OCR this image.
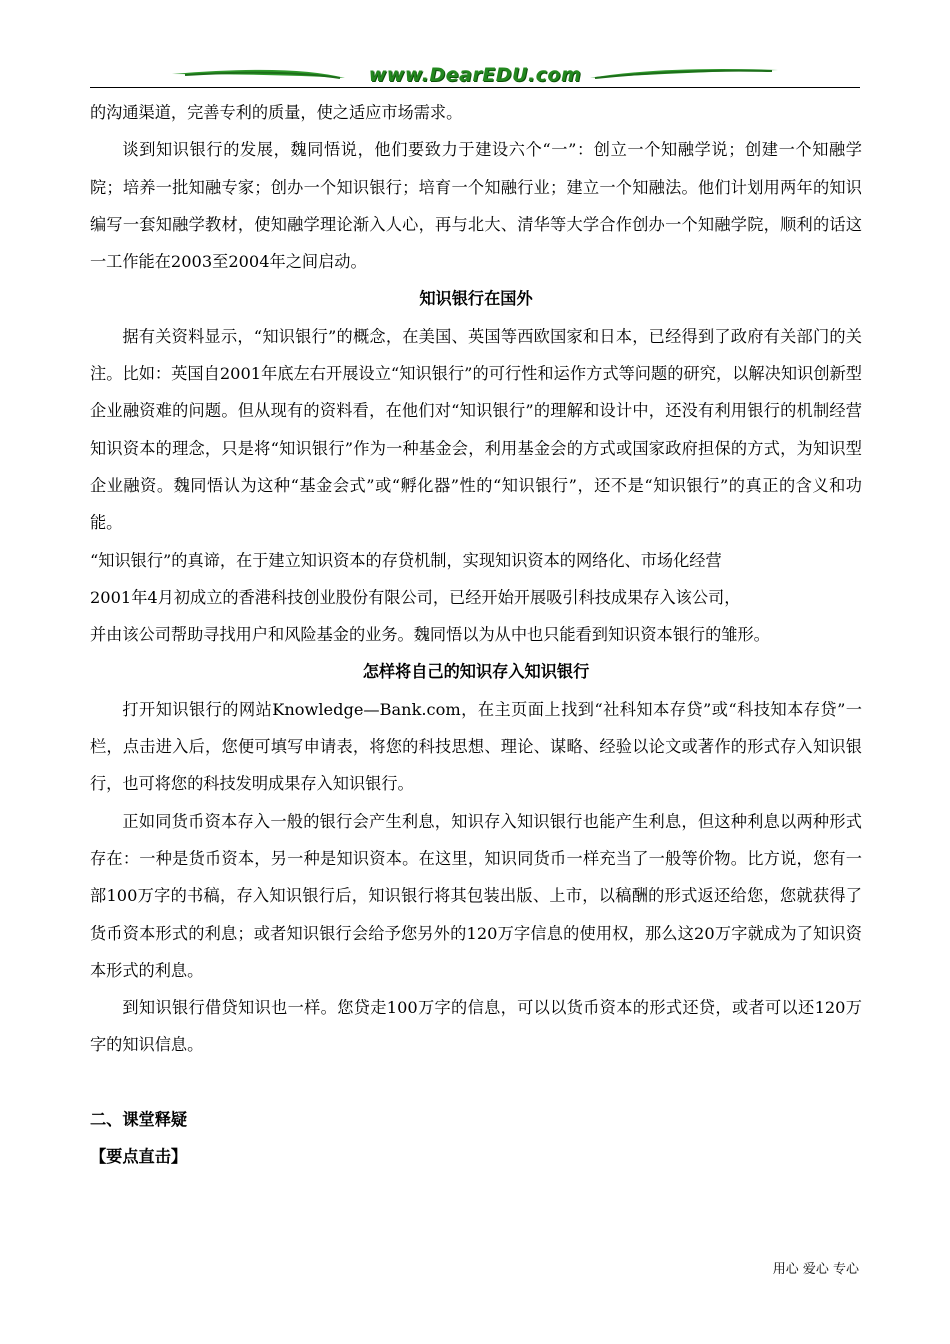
www.DearEDU.com

的沟通渠道，完善专利的质量，使之适应市场需求。

谈到知识银行的发展，魏同悟说，他们要致力于建设六个“一”：创立一个知融学说；创建一个知融学院；培养一批知融专家；创办一个知识银行；培育一个知融行业；建立一个知融法。他们计划用两年的知识编写一套知融学教材，使知融学理论渐入人心，再与北大、清华等大学合作创办一个知融学院，顺利的话这一工作能在2003至2004年之间启动。

知识银行在国外

据有关资料显示，“知识银行”的概念，在美国、英国等西欧国家和日本，已经得到了政府有关部门的关注。比如：英国自2001年底左右开展设立“知识银行”的可行性和运作方式等问题的研究，以解决知识创新型企业融资难的问题。但从现有的资料看，在他们对“知识银行”的理解和设计中，还没有利用银行的机制经营知识资本的理念，只是将“知识银行”作为一种基金会，利用基金会的方式或国家政府担保的方式，为知识型企业融资。魏同悟认为这种“基金会式”或“孵化器”性的“知识银行”，还不是“知识银行”的真正的含义和功能。

“知识银行”的真谛，在于建立知识资本的存贷机制，实现知识资本的网络化、市场化经营

2001年4月初成立的香港科技创业股份有限公司，已经开始开展吸引科技成果存入该公司，

并由该公司帮助寻找用户和风险基金的业务。魏同悟以为从中也只能看到知识资本银行的雏形。

怎样将自己的知识存入知识银行

打开知识银行的网站Knowledge—Bank.com，在主页面上找到“社科知本存贷”或“科技知本存贷”一栏，点击进入后，您便可填写申请表，将您的科技思想、理论、谋略、经验以论文或著作的形式存入知识银行，也可将您的科技发明成果存入知识银行。

正如同货币资本存入一般的银行会产生利息，知识存入知识银行也能产生利息，但这种利息以两种形式存在：一种是货币资本，另一种是知识资本。在这里，知识同货币一样充当了一般等价物。比方说，您有一部100万字的书稿，存入知识银行后，知识银行将其包装出版、上市，以稿酬的形式返还给您，您就获得了货币资本形式的利息；或者知识银行会给予您另外的120万字信息的使用权，那么这20万字就成为了知识资本形式的利息。

到知识银行借贷知识也一样。您贷走100万字的信息，可以以货币资本的形式还贷，或者可以还120万字的知识信息。

二、课堂释疑

【要点直击】

用心 爱心 专心
